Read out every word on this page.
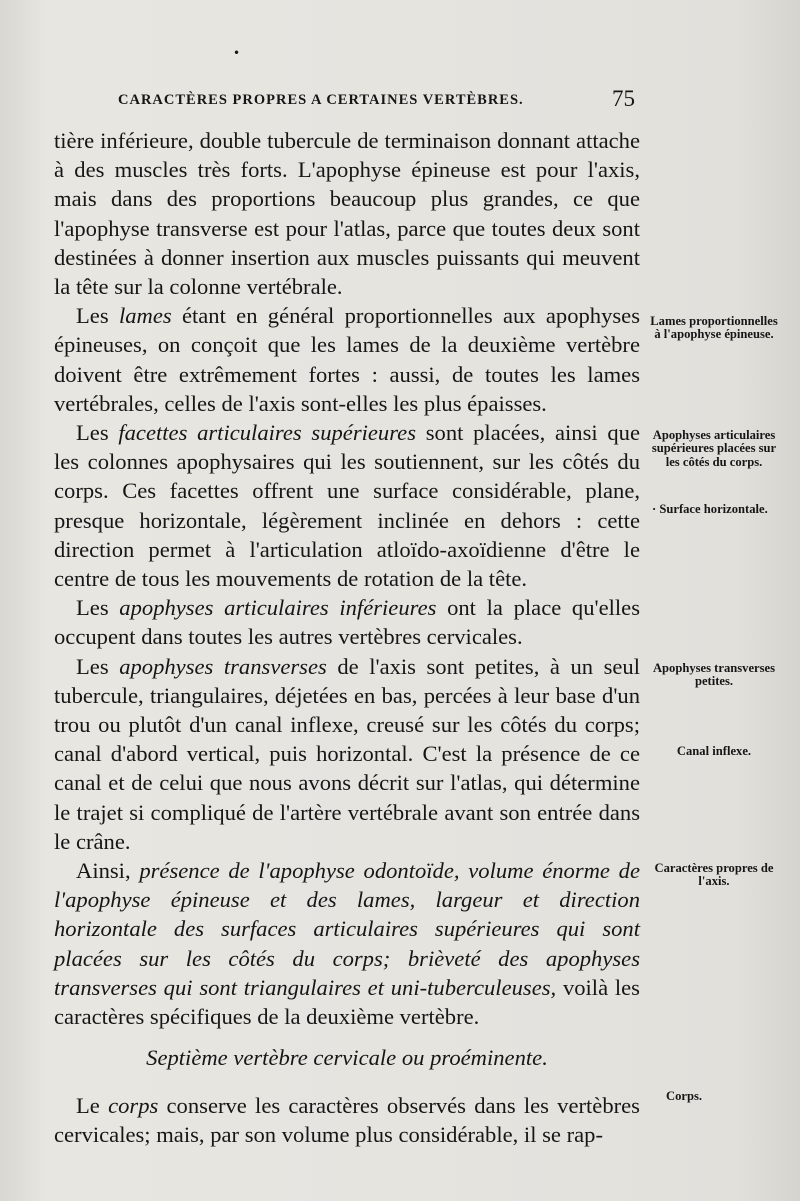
•
CARACTÈRES PROPRES A CERTAINES VERTÈBRES.	75

tière inférieure, double tubercule de terminaison donnant attache à des muscles très forts. L'apophyse épineuse est pour l'axis, mais dans des proportions beaucoup plus grandes, ce que l'apophyse transverse est pour l'atlas, parce que toutes deux sont destinées à donner insertion aux muscles puissants qui meuvent la tête sur la colonne vertébrale.

Les lames étant en général proportionnelles aux apophyses épineuses, on conçoit que les lames de la deuxième vertèbre doivent être extrêmement fortes : aussi, de toutes les lames vertébrales, celles de l'axis sont-elles les plus épaisses.

Les facettes articulaires supérieures sont placées, ainsi que les colonnes apophysaires qui les soutiennent, sur les côtés du corps. Ces facettes offrent une surface considérable, plane, presque horizontale, légèrement inclinée en dehors : cette direction permet à l'articulation atloïdo-axoïdienne d'être le centre de tous les mouvements de rotation de la tête.

Les apophyses articulaires inférieures ont la place qu'elles occupent dans toutes les autres vertèbres cervicales.

Les apophyses transverses de l'axis sont petites, à un seul tubercule, triangulaires, déjetées en bas, percées à leur base d'un trou ou plutôt d'un canal inflexe, creusé sur les côtés du corps; canal d'abord vertical, puis horizontal. C'est la présence de ce canal et de celui que nous avons décrit sur l'atlas, qui détermine le trajet si compliqué de l'artère vertébrale avant son entrée dans le crâne.

Ainsi, présence de l'apophyse odontoïde, volume énorme de l'apophyse épineuse et des lames, largeur et direction horizontale des surfaces articulaires supérieures qui sont placées sur les côtés du corps; brièveté des apophyses transverses qui sont triangulaires et uni-tuberculeuses, voilà les caractères spécifiques de la deuxième vertèbre.

Septième vertèbre cervicale ou proéminente.

Le corps conserve les caractères observés dans les vertèbres cervicales; mais, par son volume plus considérable, il se rap-

Lames proportionnelles à l'apophyse épineuse.
Apophyses articulaires supérieures placées sur les côtés du corps.
· Surface horizontale.
Apophyses transverses petites.
Canal inflexe.
Caractères propres de l'axis.
Corps.
